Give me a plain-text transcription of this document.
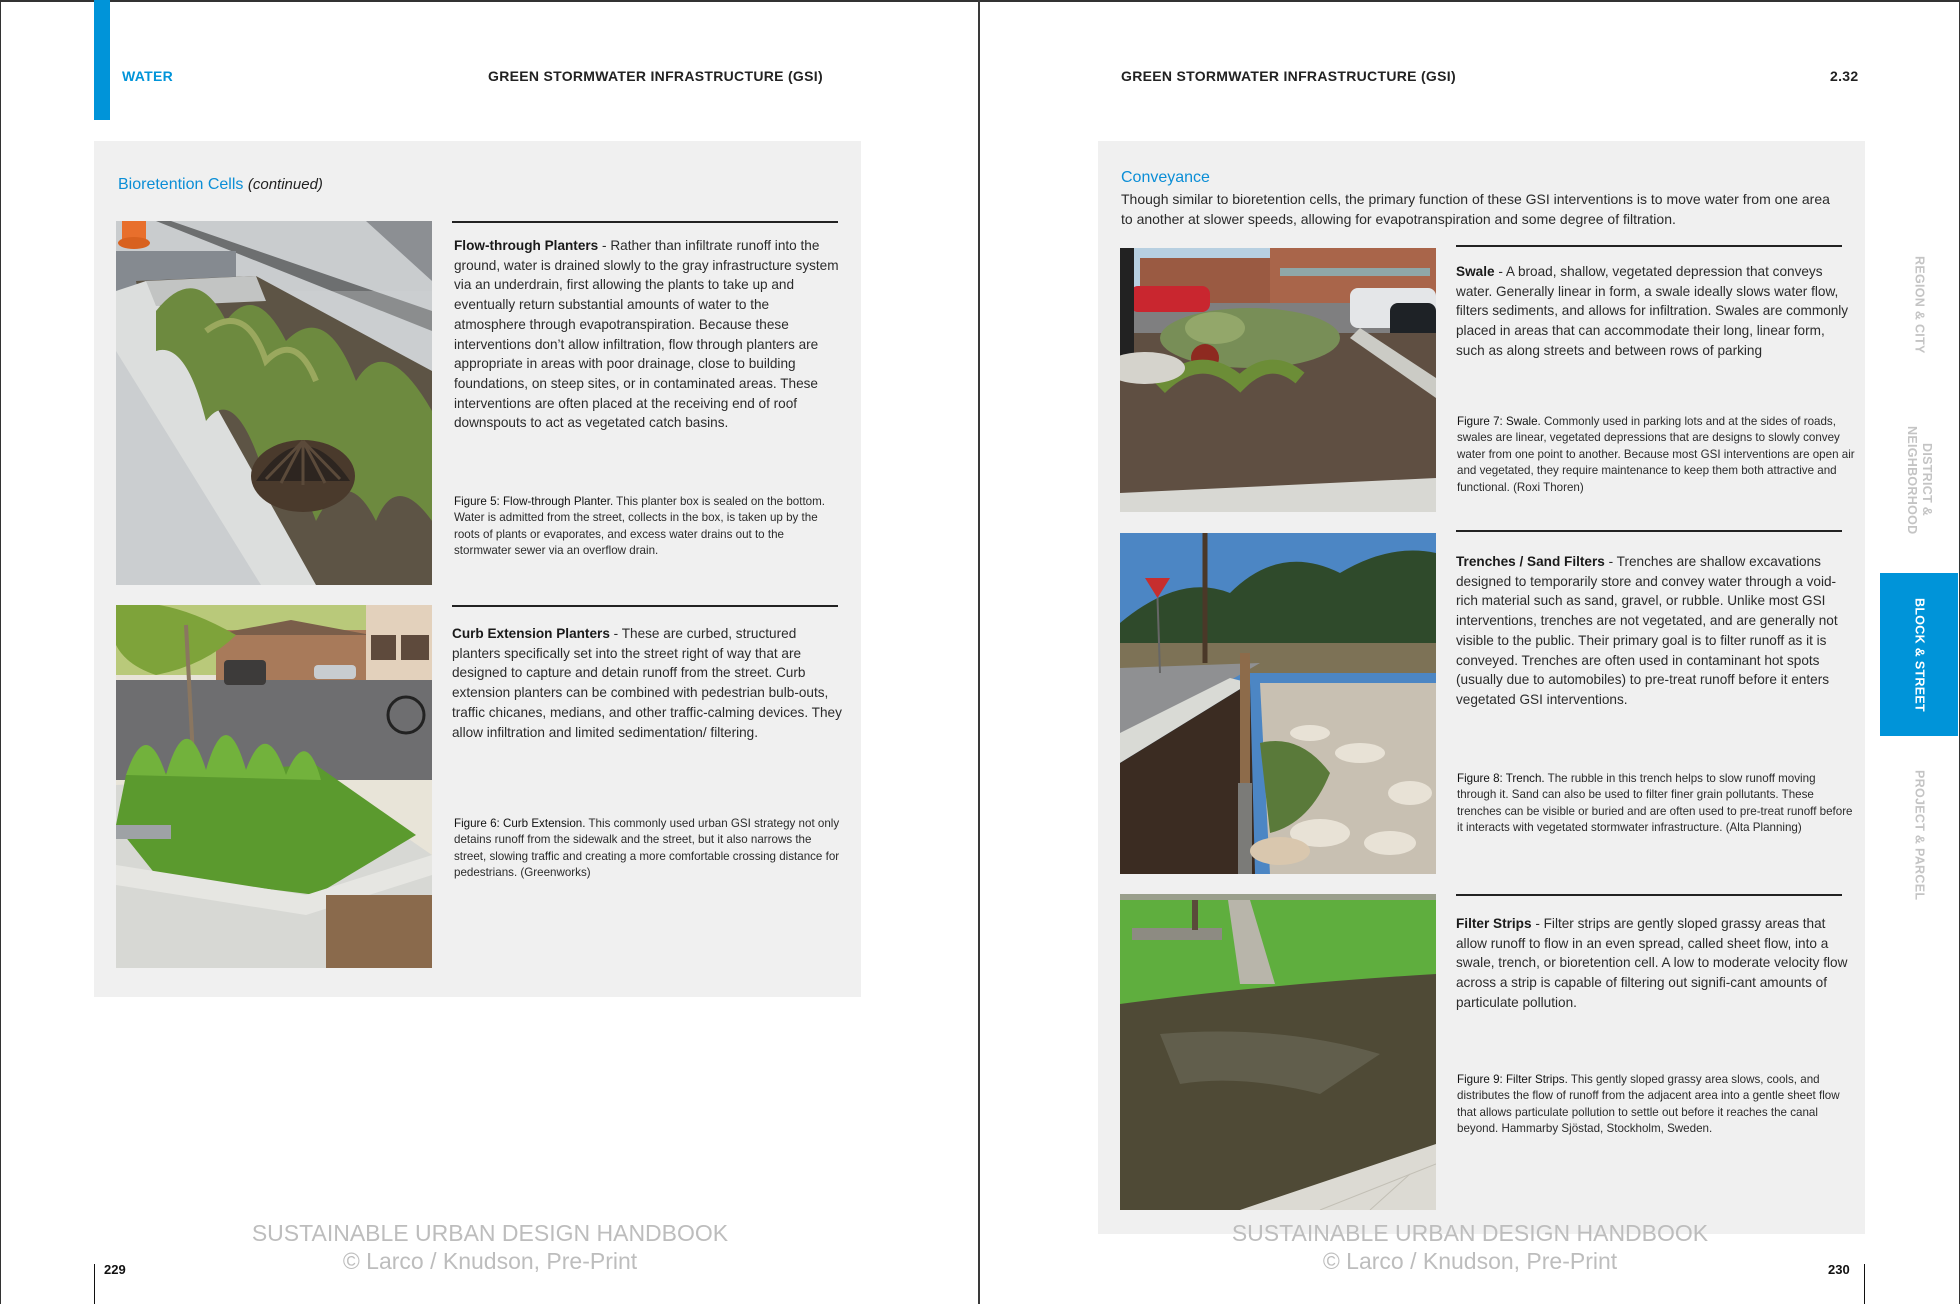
WATER	GREEN STORMWATER INFRASTRUCTURE (GSI)
Bioretention Cells (continued)
Flow-through Planters - Rather than infiltrate runoff into the ground, water is drained slowly to the gray infrastructure system via an underdrain, first allowing the plants to take up and eventually return substantial amounts of water to the atmosphere through evapotranspiration. Because these interventions don’t allow infiltration, flow through planters are appropriate in areas with poor drainage, close to building foundations, on steep sites, or in contaminated areas. These interventions are often placed at the receiving end of roof downspouts to act as vegetated catch basins.
Figure 5: Flow-through Planter. This planter box is sealed on the bottom. Water is admitted from the street, collects in the box, is taken up by the roots of plants or evaporates, and excess water drains out to the stormwater sewer via an overflow drain.
Curb Extension Planters - These are curbed, structured planters specifically set into the street right of way that are designed to capture and detain runoff from the street. Curb extension planters can be combined with pedestrian bulb-outs, traffic chicanes, medians, and other traffic-calming devices. They allow infiltration and limited sedimentation/ filtering.
Figure 6: Curb Extension. This commonly used urban GSI strategy not only detains runoff from the sidewalk and the street, but it also narrows the street, slowing traffic and creating a more comfortable crossing distance for pedestrians. (Greenworks)
SUSTAINABLE URBAN DESIGN HANDBOOK
© Larco / Knudson, Pre-Print
229
GREEN STORMWATER INFRASTRUCTURE (GSI)	2.32
Conveyance
Though similar to bioretention cells, the primary function of these GSI interventions is to move water from one area to another at slower speeds, allowing for evapotranspiration and some degree of filtration.
Swale - A broad, shallow, vegetated depression that conveys water. Generally linear in form, a swale ideally slows water flow, filters sediments, and allows for infiltration. Swales are commonly placed in areas that can accommodate their long, linear form, such as along streets and between rows of parking
Figure 7: Swale. Commonly used in parking lots and at the sides of roads, swales are linear, vegetated depressions that are designs to slowly convey water from one point to another. Because most GSI interventions are open air and vegetated, they require maintenance to keep them both attractive and functional. (Roxi Thoren)
Trenches / Sand Filters - Trenches are shallow excavations designed to temporarily store and convey water through a void-rich material such as sand, gravel, or rubble. Unlike most GSI interventions, trenches are not vegetated, and are generally not visible to the public. Their primary goal is to filter runoff as it is conveyed. Trenches are often used in contaminant hot spots (usually due to automobiles) to pre-treat runoff before it enters vegetated GSI interventions.
Figure 8: Trench. The rubble in this trench helps to slow runoff moving through it. Sand can also be used to filter finer grain pollutants. These trenches can be visible or buried and are often used to pre-treat runoff before it interacts with vegetated stormwater infrastructure. (Alta Planning)
Filter Strips - Filter strips are gently sloped grassy areas that allow runoff to flow in an even spread, called sheet flow, into a swale, trench, or bioretention cell. A low to moderate velocity flow across a strip is capable of filtering out signifi-cant amounts of particulate pollution.
Figure 9: Filter Strips. This gently sloped grassy area slows, cools, and distributes the flow of runoff from the adjacent area into a gentle sheet flow that allows particulate pollution to settle out before it reaches the canal beyond. Hammarby Sjöstad, Stockholm, Sweden.
SUSTAINABLE URBAN DESIGN HANDBOOK
© Larco / Knudson, Pre-Print	230
REGION & CITY
DISTRICT & NEIGHBORHOOD
BLOCK & STREET
PROJECT & PARCEL
